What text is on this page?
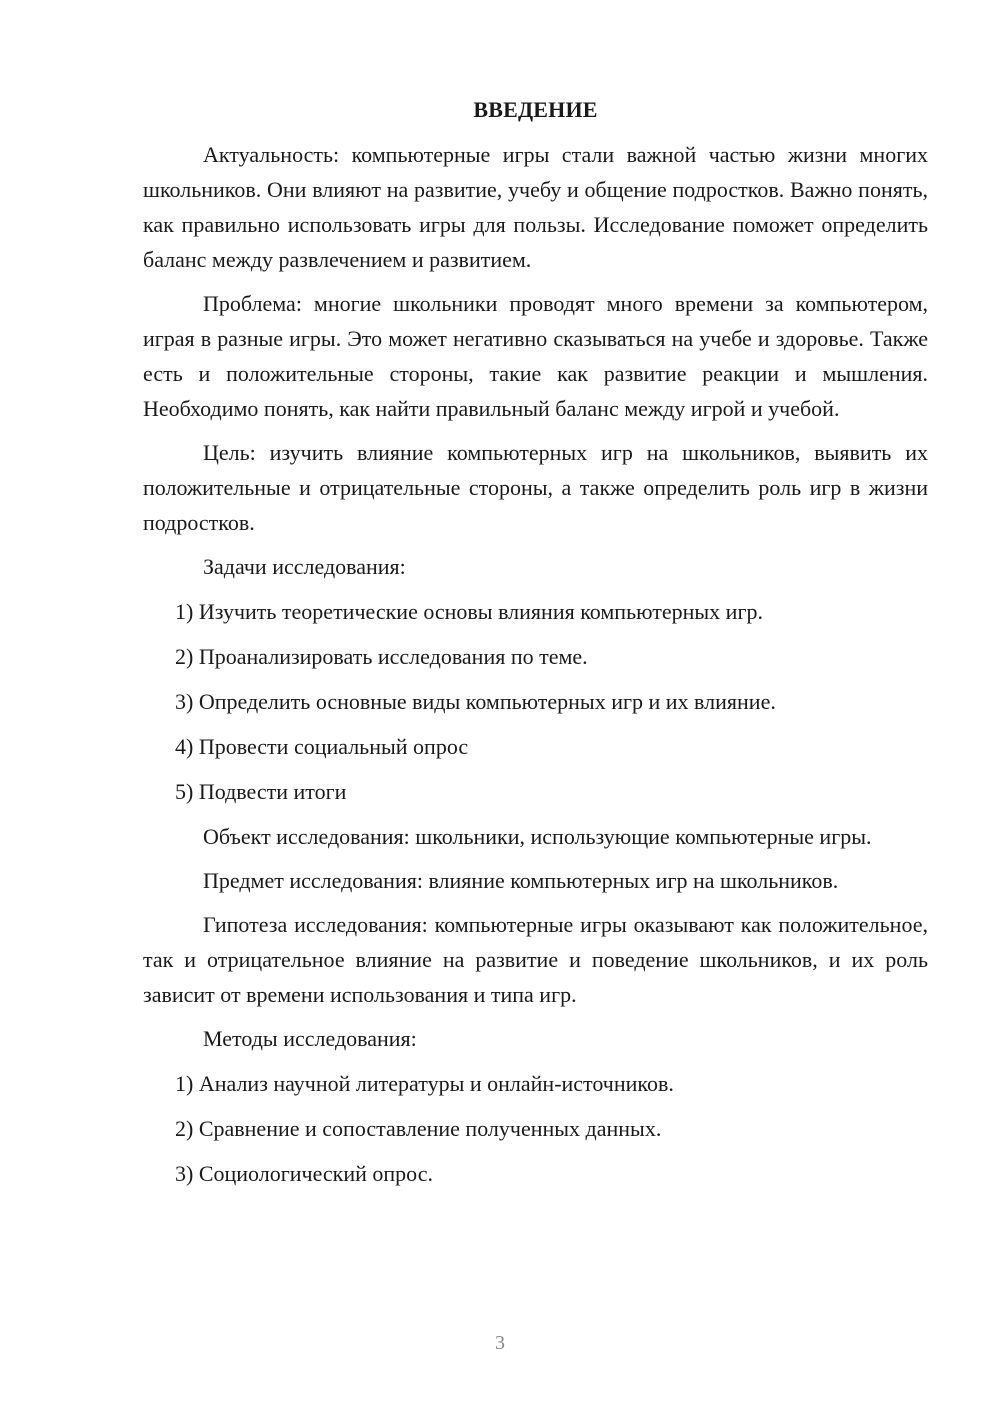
ВВЕДЕНИЕ

Актуальность: компьютерные игры стали важной частью жизни многих школьников. Они влияют на развитие, учебу и общение подростков. Важно понять, как правильно использовать игры для пользы. Исследование поможет определить баланс между развлечением и развитием.

Проблема: многие школьники проводят много времени за компьютером, играя в разные игры. Это может негативно сказываться на учебе и здоровье. Также есть и положительные стороны, такие как развитие реакции и мышления. Необходимо понять, как найти правильный баланс между игрой и учебой.

Цель: изучить влияние компьютерных игр на школьников, выявить их положительные и отрицательные стороны, а также определить роль игр в жизни подростков.

Задачи исследования:

1) Изучить теоретические основы влияния компьютерных игр.
2) Проанализировать исследования по теме.
3) Определить основные виды компьютерных игр и их влияние.
4) Провести социальный опрос
5) Подвести итоги

Объект исследования: школьники, использующие компьютерные игры.

Предмет исследования: влияние компьютерных игр на школьников.

Гипотеза исследования: компьютерные игры оказывают как положительное, так и отрицательное влияние на развитие и поведение школьников, и их роль зависит от времени использования и типа игр.

Методы исследования:

1) Анализ научной литературы и онлайн-источников.
2) Сравнение и сопоставление полученных данных.
3) Социологический опрос.
3
